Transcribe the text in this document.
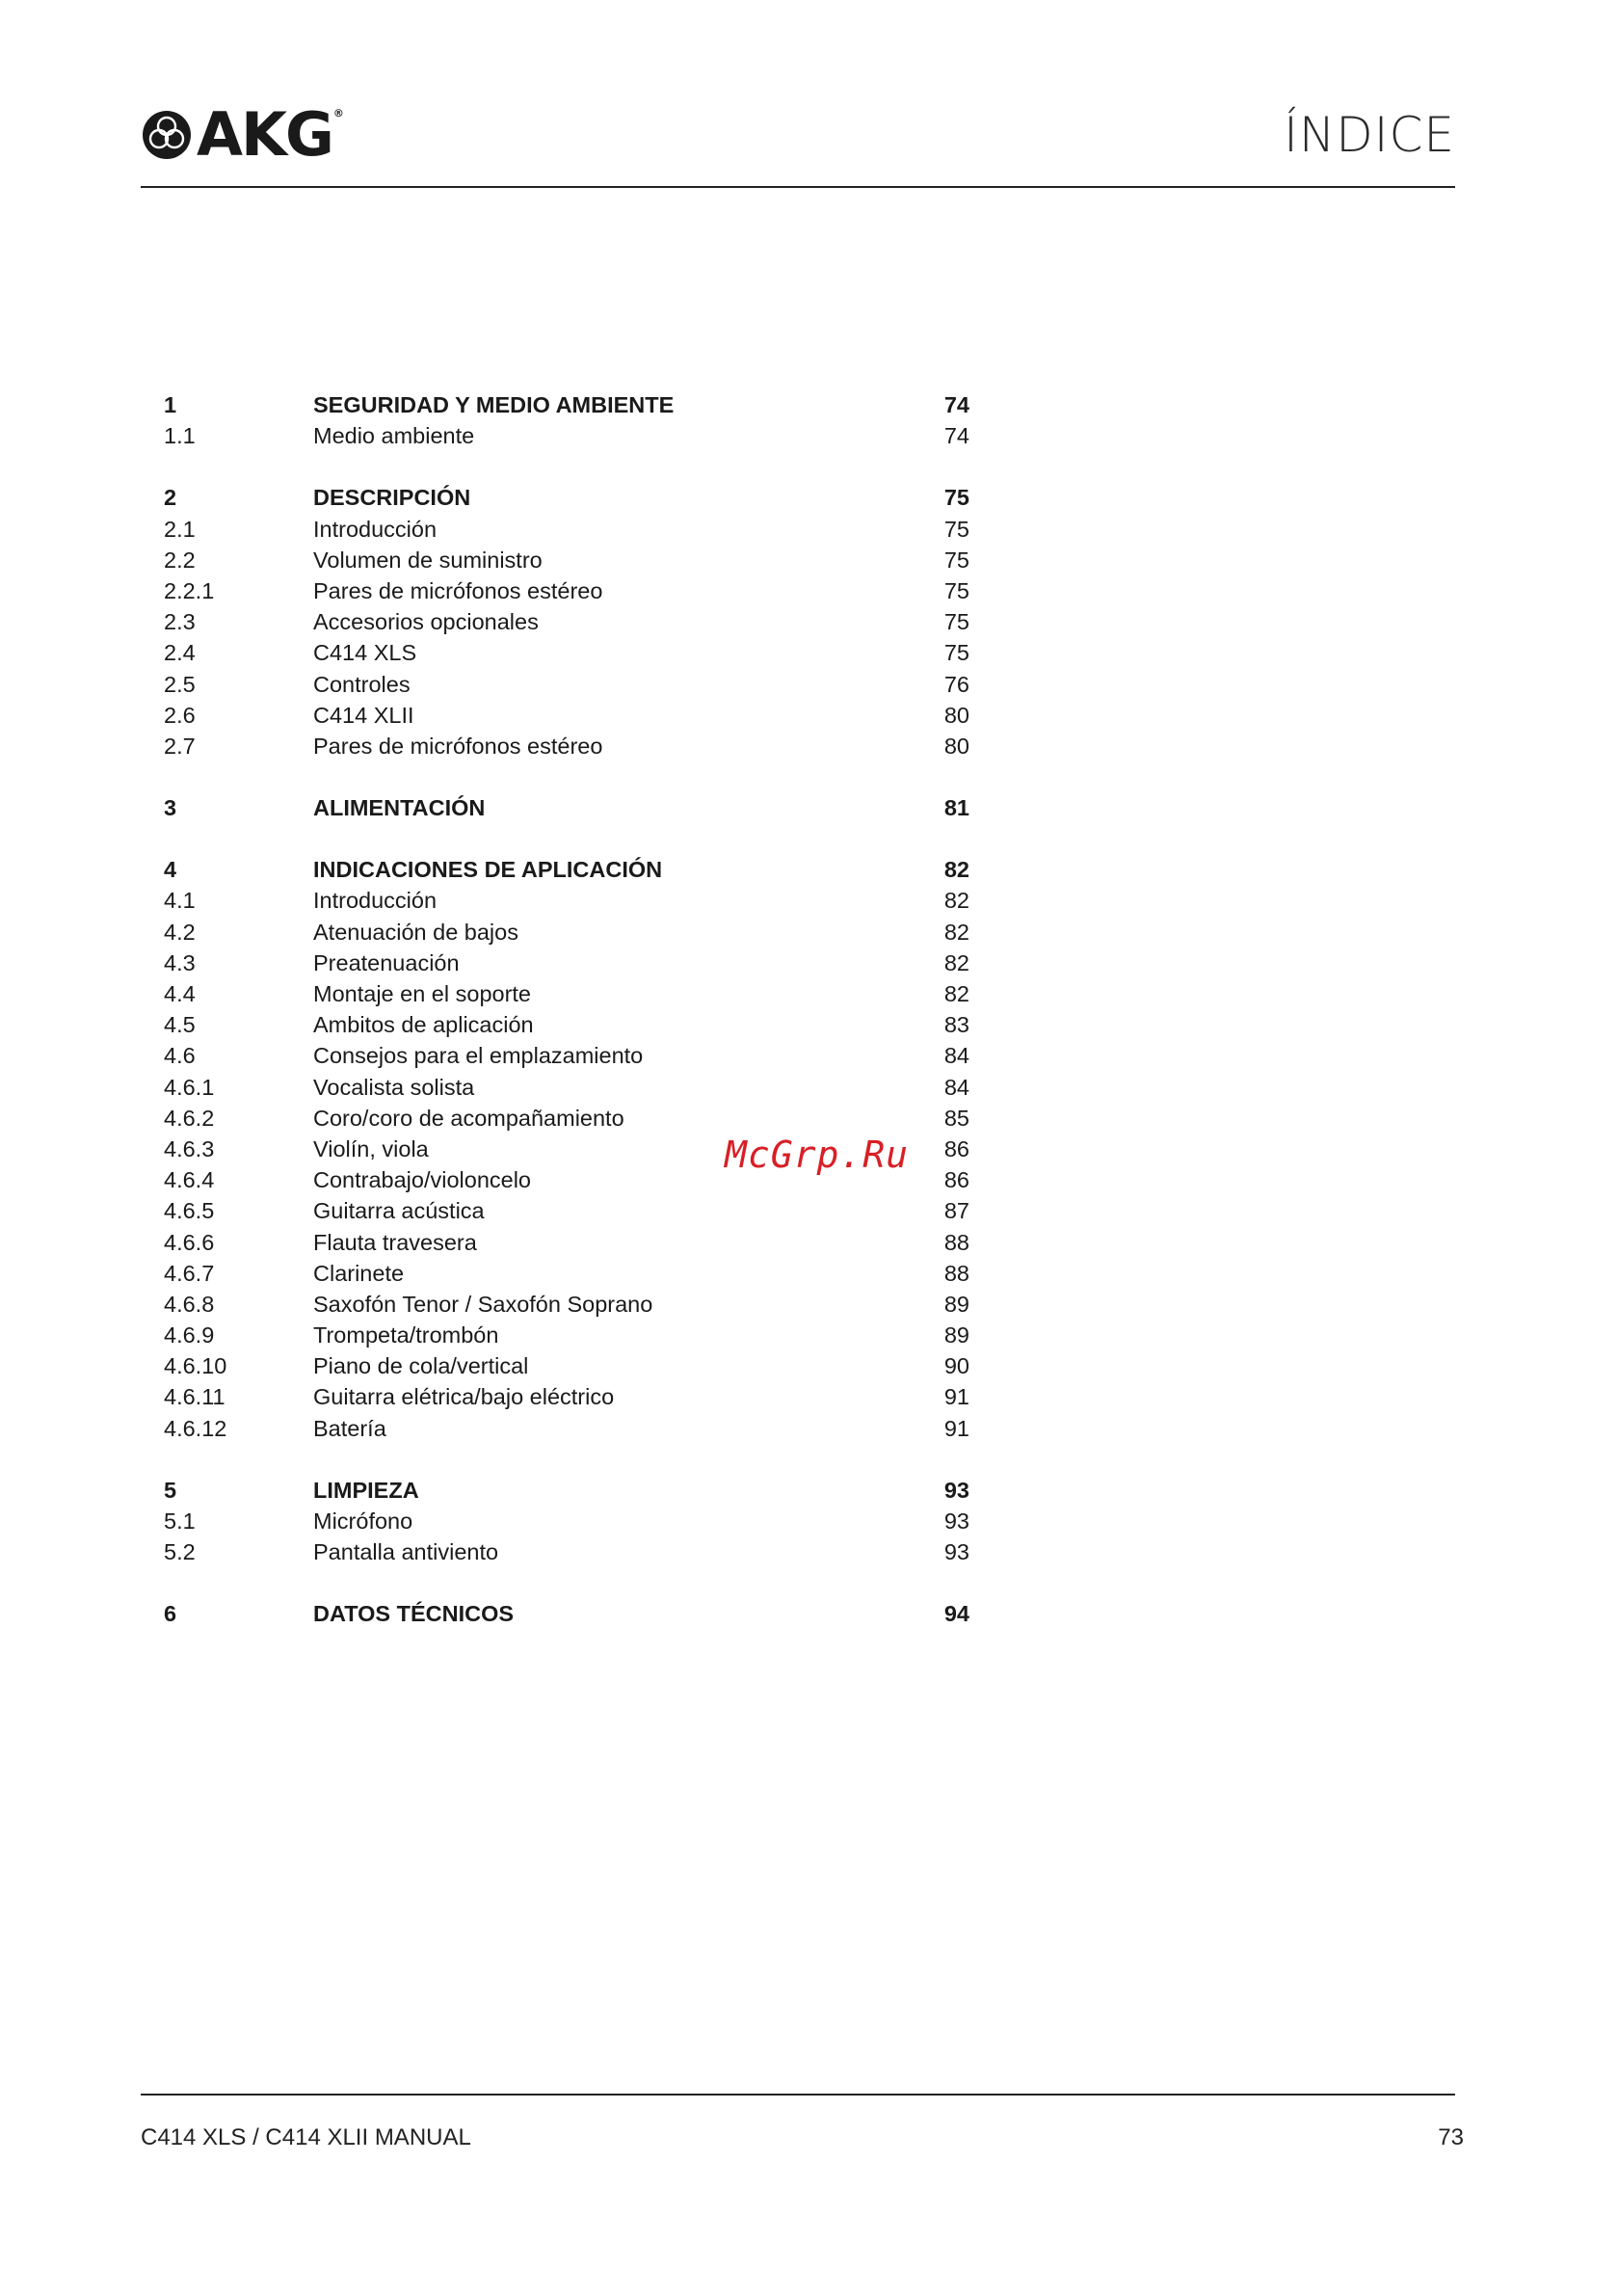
AKG®	ÍNDICE
1	SEGURIDAD Y MEDIO AMBIENTE	74
1.1	Medio ambiente	74
2	DESCRIPCIÓN	75
2.1	Introducción	75
2.2	Volumen de suministro	75
2.2.1	Pares de micrófonos estéreo	75
2.3	Accesorios opcionales	75
2.4	C414 XLS	75
2.5	Controles	76
2.6	C414 XLII	80
2.7	Pares de micrófonos estéreo	80
3	ALIMENTACIÓN	81
4	INDICACIONES DE APLICACIÓN	82
4.1	Introducción	82
4.2	Atenuación de bajos	82
4.3	Preatenuación	82
4.4	Montaje en el soporte	82
4.5	Ambitos de aplicación	83
4.6	Consejos para el emplazamiento	84
4.6.1	Vocalista solista	84
4.6.2	Coro/coro de acompañamiento	85
4.6.3	Violín, viola	86
4.6.4	Contrabajo/violoncelo	86
4.6.5	Guitarra acústica	87
4.6.6	Flauta travesera	88
4.6.7	Clarinete	88
4.6.8	Saxofón Tenor / Saxofón Soprano	89
4.6.9	Trompeta/trombón	89
4.6.10	Piano de cola/vertical	90
4.6.11	Guitarra elétrica/bajo eléctrico	91
4.6.12	Batería	91
5	LIMPIEZA	93
5.1	Micrófono	93
5.2	Pantalla antiviento	93
6	DATOS TÉCNICOS	94
McGrp.Ru
C414 XLS / C414 XLII MANUAL	73
